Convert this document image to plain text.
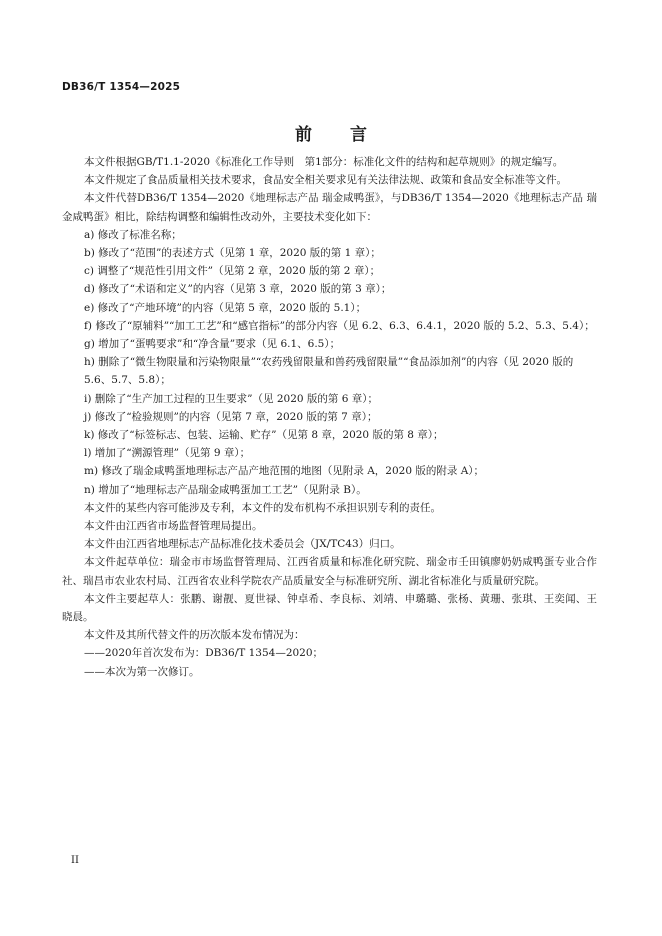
DB36/T 1354—2025
前 言

本文件根据GB/T1.1-2020《标准化工作导则　第1部分：标准化文件的结构和起草规则》的规定编写。

本文件规定了食品质量相关技术要求，食品安全相关要求见有关法律法规、政策和食品安全标准等文件。

本文件代替DB36/T 1354—2020《地理标志产品 瑞金咸鸭蛋》，与DB36/T 1354—2020《地理标志产品 瑞金咸鸭蛋》相比，除结构调整和编辑性改动外，主要技术变化如下：

a) 修改了标准名称；

b) 修改了“范围”的表述方式（见第 1 章，2020 版的第 1 章）；

c) 调整了“规范性引用文件”（见第 2 章，2020 版的第 2 章）；

d) 修改了“术语和定义”的内容（见第 3 章，2020 版的第 3 章）；

e) 修改了“产地环境”的内容（见第 5 章，2020 版的 5.1）；

f) 修改了“原辅料”“加工工艺”和“感官指标”的部分内容（见 6.2、6.3、6.4.1，2020 版的 5.2、5.3、5.4）；

g) 增加了“蛋鸭要求”和“净含量”要求（见 6.1、6.5）；

h) 删除了“微生物限量和污染物限量”“农药残留限量和兽药残留限量”“食品添加剂”的内容（见 2020 版的 5.6、5.7、5.8）；

i) 删除了“生产加工过程的卫生要求”（见 2020 版的第 6 章）；

j) 修改了“检验规则”的内容（见第 7 章，2020 版的第 7 章）；

k) 修改了“标签标志、包装、运输、贮存”（见第 8 章，2020 版的第 8 章）；

l) 增加了“溯源管理”（见第 9 章）；

m) 修改了瑞金咸鸭蛋地理标志产品产地范围的地图（见附录 A，2020 版的附录 A）；

n) 增加了“地理标志产品瑞金咸鸭蛋加工工艺”（见附录 B）。

本文件的某些内容可能涉及专利，本文件的发布机构不承担识别专利的责任。

本文件由江西省市场监督管理局提出。

本文件由江西省地理标志产品标准化技术委员会（JX/TC43）归口。

本文件起草单位：瑞金市市场监督管理局、江西省质量和标准化研究院、瑞金市壬田镇廖奶奶咸鸭蛋专业合作社、瑞昌市农业农村局、江西省农业科学院农产品质量安全与标准研究所、湖北省标准化与质量研究院。

本文件主要起草人：张鹏、谢靓、夏世禄、钟卓希、李良标、刘靖、申璐璐、张杨、黄珊、张琪、王奕闻、王晓晨。

本文件及其所代替文件的历次版本发布情况为：

——2020年首次发布为：DB36/T 1354—2020；

——本次为第一次修订。

II
